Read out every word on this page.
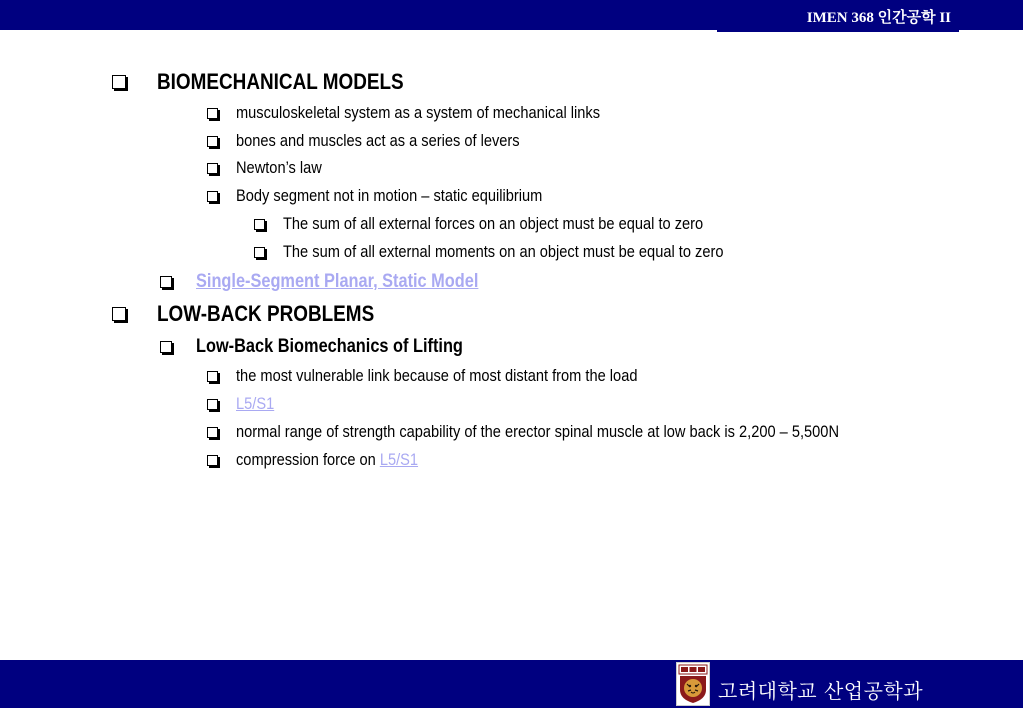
IMEN 368 인간공학 II
BIOMECHANICAL MODELS
musculoskeletal system as a system of mechanical links
bones and muscles act as a series of levers
Newton’s law
Body segment not in motion – static equilibrium
The sum of all external forces on an object must be equal to zero
The sum of all external moments on an object must be equal to zero
Single-Segment Planar, Static Model
LOW-BACK PROBLEMS
Low-Back Biomechanics of Lifting
the most vulnerable link because of most distant from the load
L5/S1
normal range of strength capability of the erector spinal muscle at low back is 2,200 – 5,500N
compression force on L5/S1
고려대학교 산업공학과
